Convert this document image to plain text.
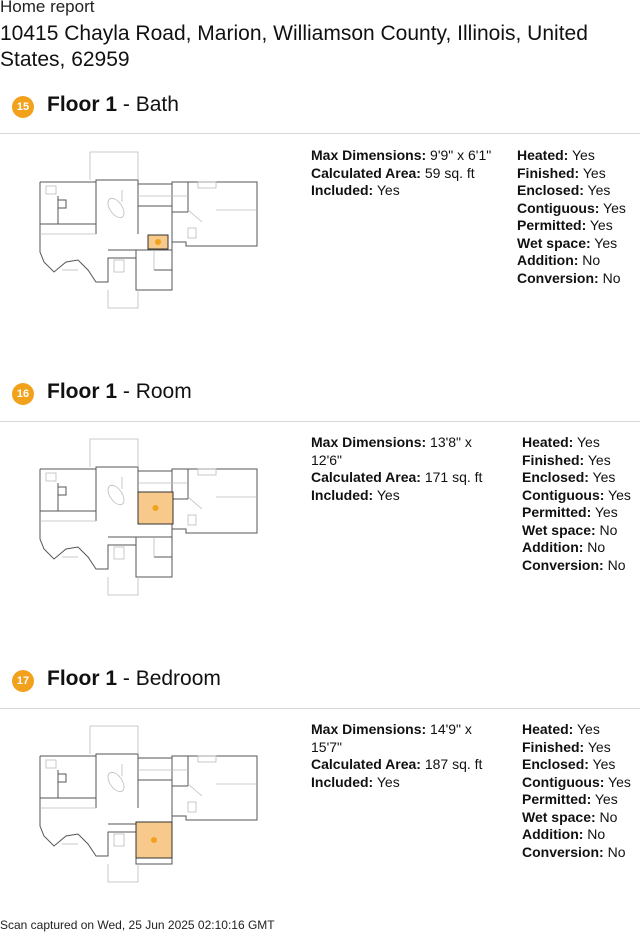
Home report
10415 Chayla Road, Marion, Williamson County, Illinois, United States, 62959
15 Floor 1 - Bath
Max Dimensions: 9'9" x 6'1"
Calculated Area: 59 sq. ft
Included: Yes
Heated: Yes
Finished: Yes
Enclosed: Yes
Contiguous: Yes
Permitted: Yes
Wet space: Yes
Addition: No
Conversion: No
16 Floor 1 - Room
Max Dimensions: 13'8" x 12'6"
Calculated Area: 171 sq. ft
Included: Yes
Heated: Yes
Finished: Yes
Enclosed: Yes
Contiguous: Yes
Permitted: Yes
Wet space: No
Addition: No
Conversion: No
17 Floor 1 - Bedroom
Max Dimensions: 14'9" x 15'7"
Calculated Area: 187 sq. ft
Included: Yes
Heated: Yes
Finished: Yes
Enclosed: Yes
Contiguous: Yes
Permitted: Yes
Wet space: No
Addition: No
Conversion: No
Scan captured on Wed, 25 Jun 2025 02:10:16 GMT
